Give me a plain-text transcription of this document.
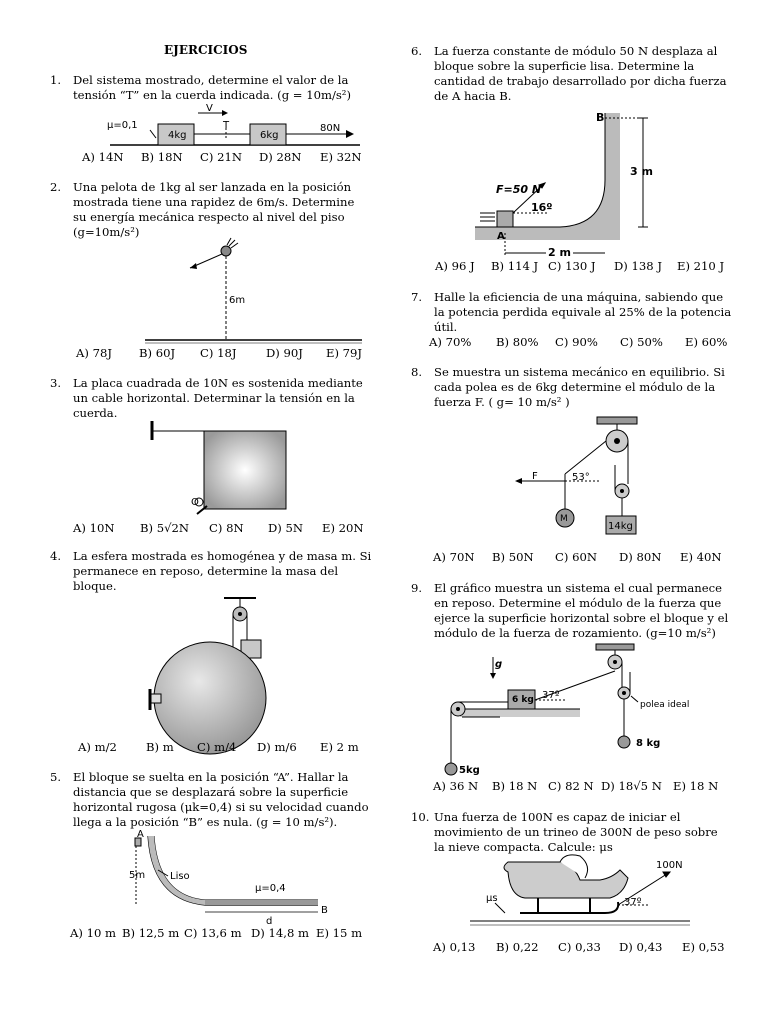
EJERCICIOS
1. Del sistema mostrado, determine el valor de la
tensión “T” en la cuerda indicada. (g = 10m/s²)
μ=0,1
4kg	6kg
V
T	80N
A) 14N B) 18N C) 21N D) 28N E) 32N
2. Una pelota de 1kg al ser lanzada en la posición
mostrada tiene una rapidez de 6m/s. Determine
su energía mecánica respecto al nivel del piso
(g=10m/s²)
6m
A) 78J B) 60J C) 18J	D) 90J E) 79J
3. La placa cuadrada de 10N es sostenida mediante
un cable horizontal. Determinar la tensión en la
cuerda.
O
A) 10N B) 5√2N C) 8N D) 5N E) 20N
4. La esfera mostrada es homogénea y de masa m. Si
permanece en reposo, determine la masa del
bloque.
A) m/2	B) m C) m/4 D) m/6 E) 2 m
5. El bloque se suelta en la posición “A”. Hallar la
distancia que se desplazará sobre la superficie
horizontal rugosa (μk=0,4) si su velocidad cuando
llega a la posición “B” es nula. (g = 10 m/s²).
A
5m Liso
μ=0,4
B
d
A) 10 m B) 12,5 m C) 13,6 m D) 14,8 m E) 15 m
6. La fuerza constante de módulo 50 N desplaza al
bloque sobre la superficie lisa. Determine la
cantidad de trabajo desarrollado por dicha fuerza
de A hacia B.
B
A
F=50 N
16º
3 m
2 m
A) 96 J B) 114 J C) 130 J D) 138 J E) 210 J
7. Halle la eficiencia de una máquina, sabiendo que
la potencia perdida equivale al 25% de la potencia
útil.
A) 70% B) 80% C) 90% C) 50% E) 60%
8. Se muestra un sistema mecánico en equilibrio. Si
cada polea es de 6kg determine el módulo de la
fuerza F. ( g= 10 m/s² )
F	53°
M
14kg
A) 70N B) 50N C) 60N D) 80N E) 40N
9. El gráfico muestra un sistema el cual permanece
en reposo. Determine el módulo de la fuerza que
ejerce la superficie horizontal sobre el bloque y el
módulo de la fuerza de rozamiento. (g=10 m/s²)
g
6 kg 37º
polea ideal
8 kg
5kg
A) 36 N B) 18 N C) 82 N D) 18√5 N E) 18 N
10. Una fuerza de 100N es capaz de iniciar el
movimiento de un trineo de 300N de peso sobre
la nieve compacta. Calcule: μs
100N
37º
μs
A) 0,13 B) 0,22 C) 0,33 D) 0,43 E) 0,53
